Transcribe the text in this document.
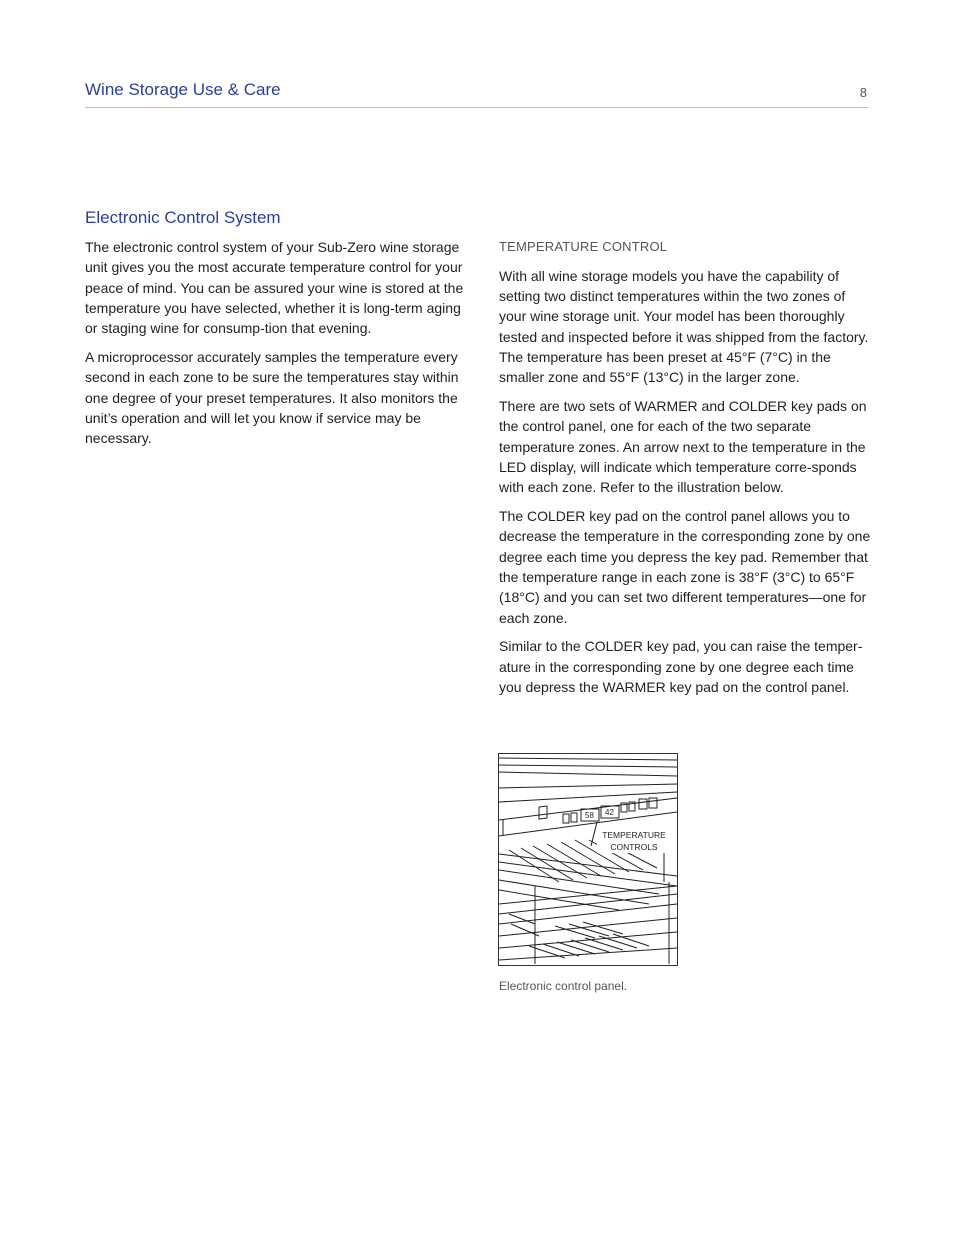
Wine Storage Use & Care	8
Electronic Control System

The electronic control system of your Sub-Zero wine storage unit gives you the most accurate temperature control for your peace of mind. You can be assured your wine is stored at the temperature you have selected, whether it is long-term aging or staging wine for consump-tion that evening.

A microprocessor accurately samples the temperature every second in each zone to be sure the temperatures stay within one degree of your preset temperatures. It also monitors the unit’s operation and will let you know if service may be necessary.

TEMPERATURE CONTROL

With all wine storage models you have the capability of setting two distinct temperatures within the two zones of your wine storage unit. Your model has been thoroughly tested and inspected before it was shipped from the factory. The temperature has been preset at 45°F (7°C) in the smaller zone and 55°F (13°C) in the larger zone.

There are two sets of WARMER and COLDER key pads on the control panel, one for each of the two separate temperature zones. An arrow next to the temperature in the LED display, will indicate which temperature corre-sponds with each zone. Refer to the illustration below.

The COLDER key pad on the control panel allows you to decrease the temperature in the corresponding zone by one degree each time you depress the key pad. Remember that the temperature range in each zone is 38°F (3°C) to 65°F (18°C) and you can set two different temperatures—one for each zone.

Similar to the COLDER key pad, you can raise the temper-ature in the corresponding zone by one degree each time you depress the WARMER key pad on the control panel.

58 42
TEMPERATURE
CONTROLS
Electronic control panel.
